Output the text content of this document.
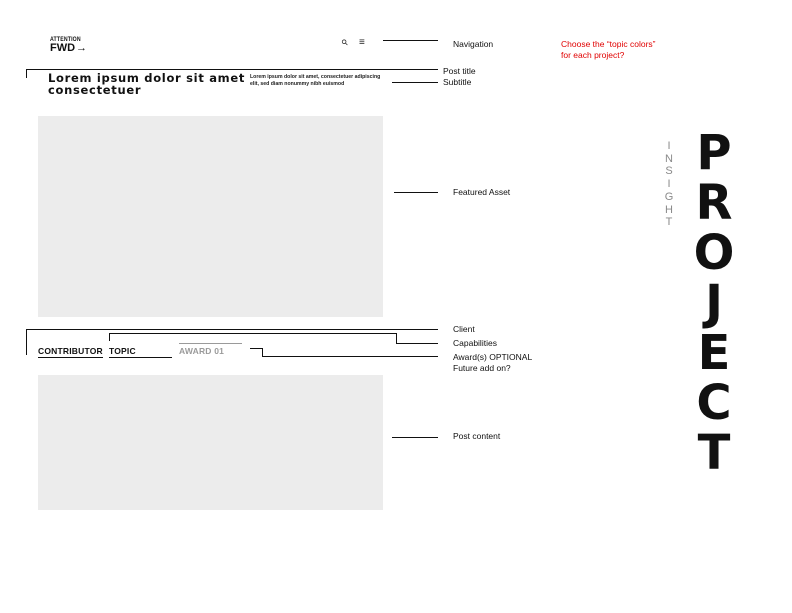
ATTENTION
FWD →	⚲ ≡
Lorem ipsum dolor sit amet consectetuer
Lorem ipsum dolor sit amet, consectetuer adipiscing elit, sed diam nonummy nibh euismod
CONTRIBUTOR TOPIC	AWARD 01
Navigation	Choose the “topic colors”
for each project?
Post title
Subtitle
Featured Asset
Client
Capabilities
Award(s) OPTIONAL
Future add on?
Post content
I
N
S
I
G
H
T
P
R
O
J
E
C
T
